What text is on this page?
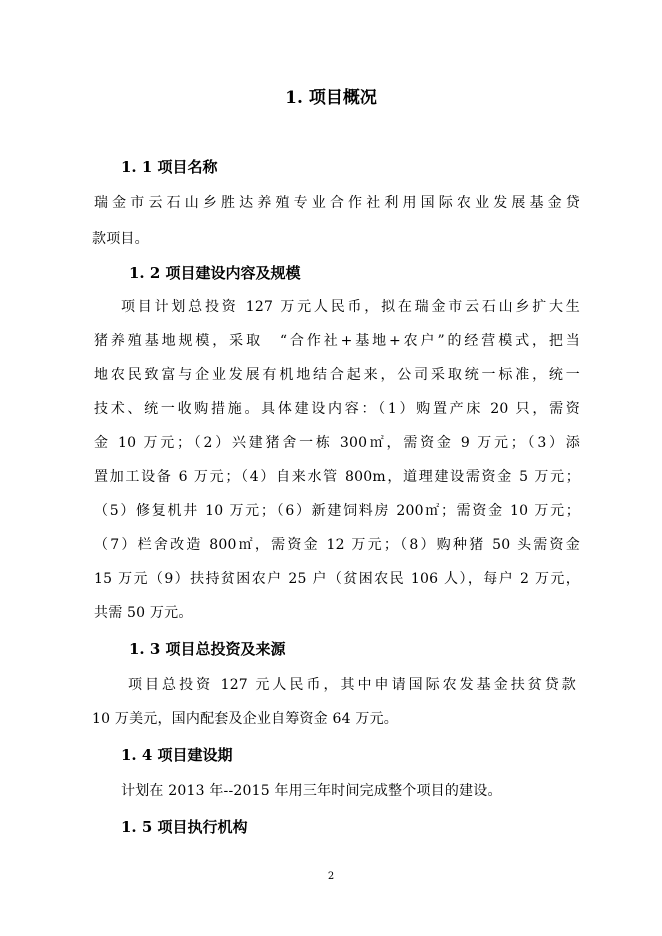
1. 项目概况
1. 1 项目名称
瑞金市云石山乡胜达养殖专业合作社利用国际农业发展基金贷
款项目。
1. 2 项目建设内容及规模
项目计划总投资 127 万元人民币，拟在瑞金市云石山乡扩大生
猪养殖基地规模，采取　“合作社+基地+农户”的经营模式，把当
地农民致富与企业发展有机地结合起来，公司采取统一标准，统一
技术、统一收购措施。具体建设内容：（1）购置产床 20 只，需资
金 10 万元；（2）兴建猪舍一栋 300㎡，需资金 9 万元；（3）添
置加工设备 6 万元；（4）自来水管 800m，道理建设需资金 5 万元；
（5）修复机井 10 万元；（6）新建饲料房 200㎡；需资金 10 万元；
（7）栏舍改造 800㎡，需资金 12 万元；（8）购种猪 50 头需资金
15 万元（9）扶持贫困农户 25 户（贫困农民 106 人），每户 2 万元，
共需 50 万元。
1. 3 项目总投资及来源
项目总投资 127 元人民币，其中申请国际农发基金扶贫贷款
10 万美元，国内配套及企业自筹资金 64 万元。
1. 4 项目建设期
计划在 2013 年--2015 年用三年时间完成整个项目的建设。
1. 5 项目执行机构
2
